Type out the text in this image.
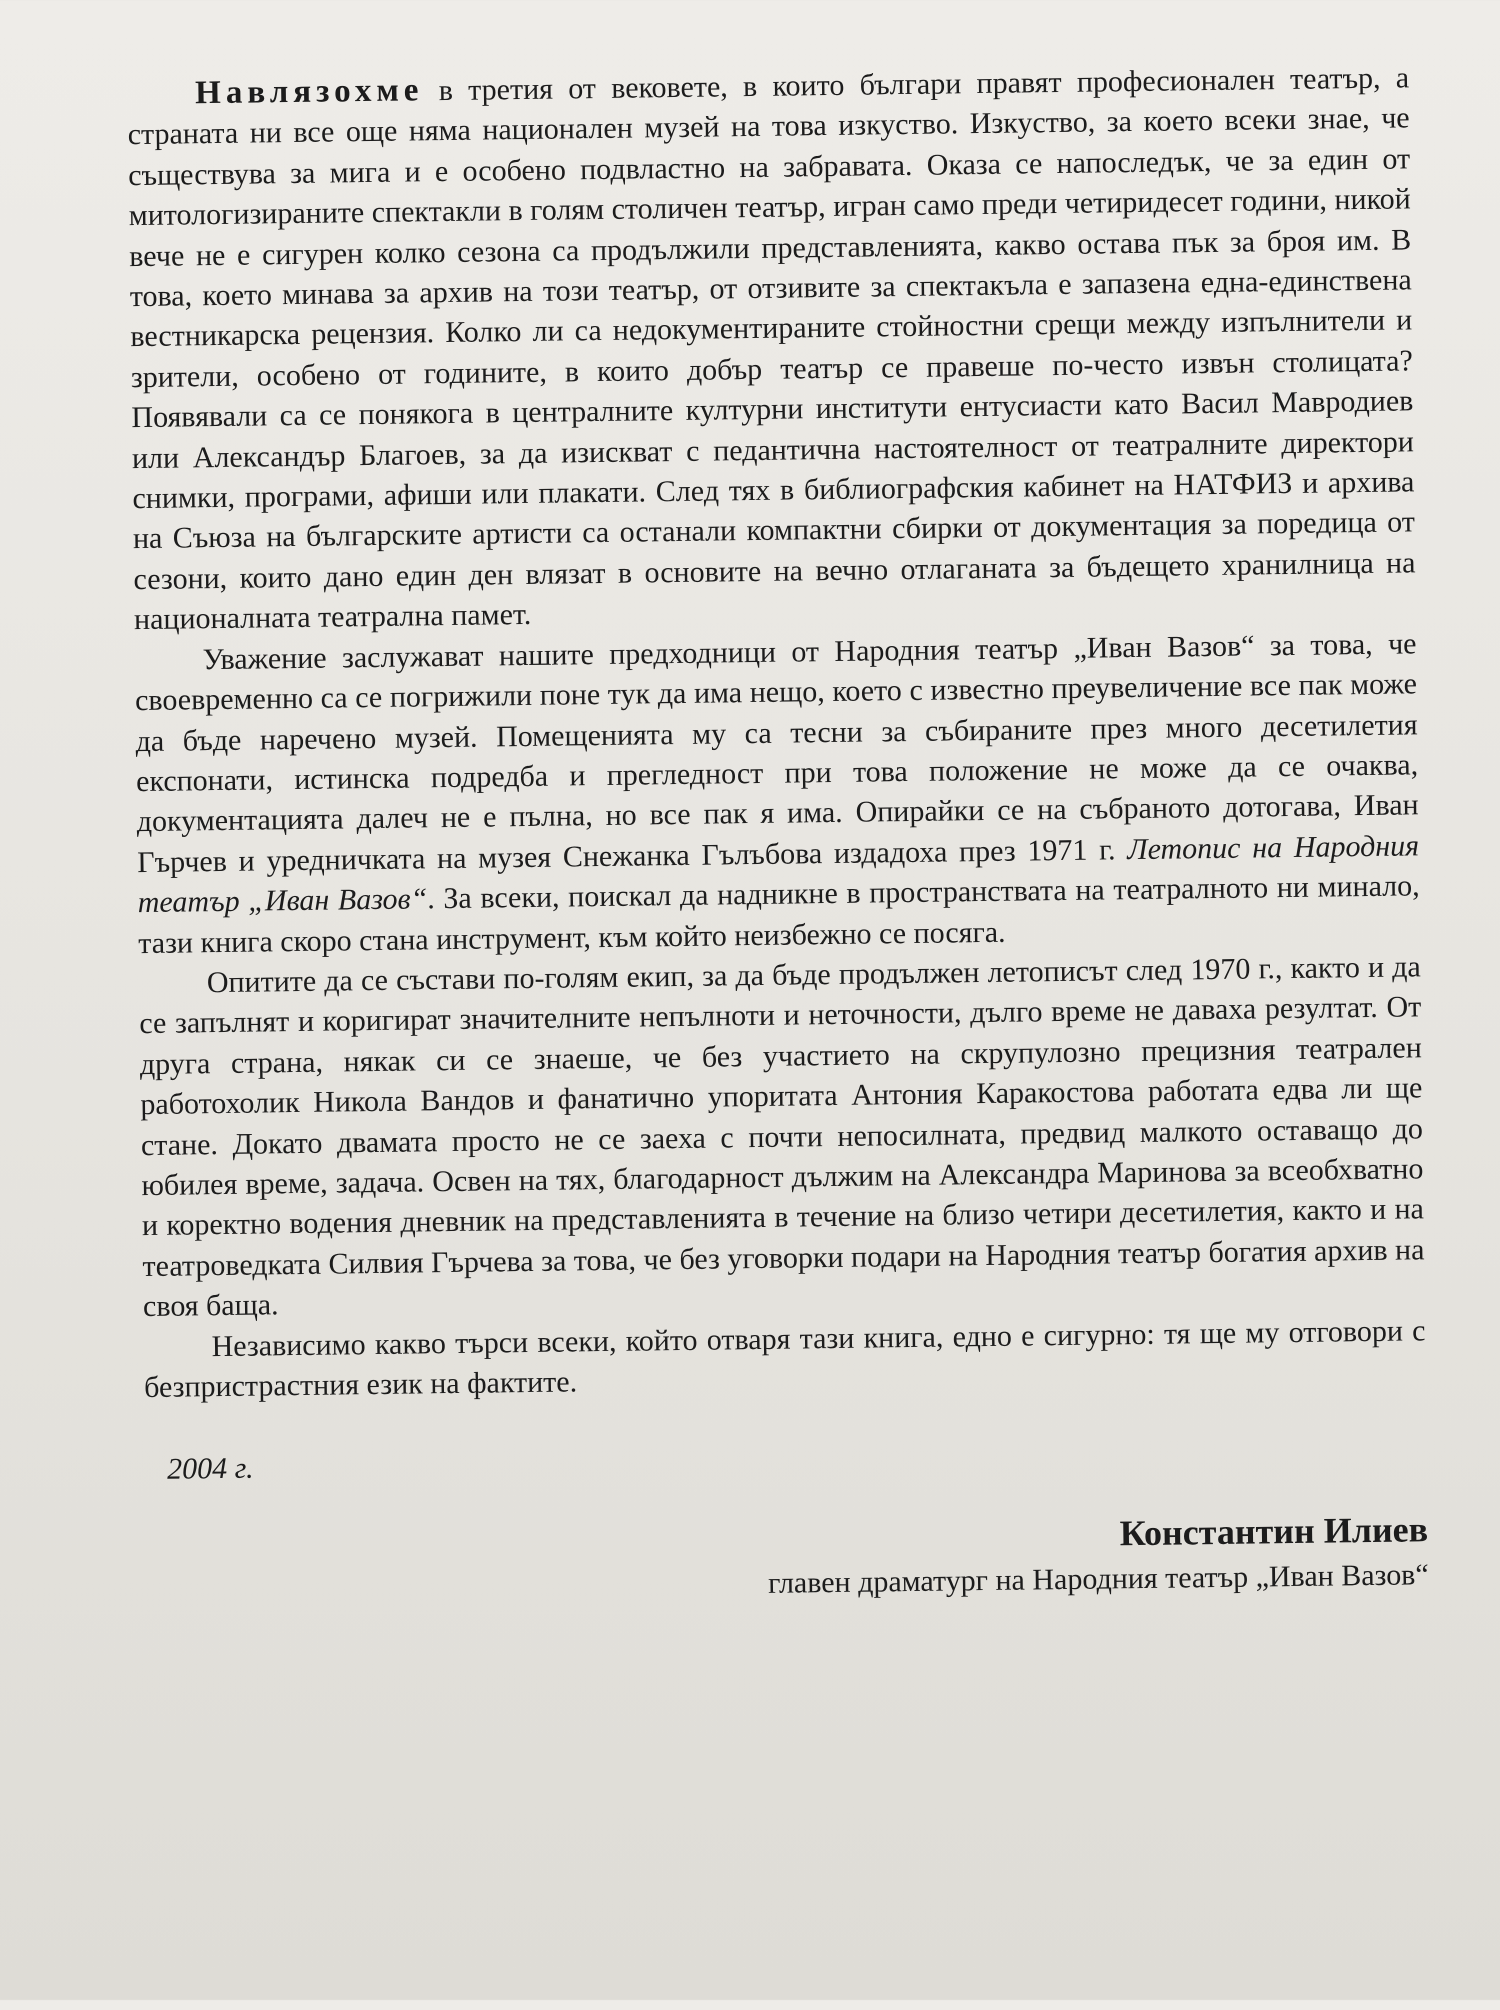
Навлязохме в третия от вековете, в които българи правят професионален театър, а страната ни все още няма национален музей на това изкуство. Изкуство, за което всеки знае, че съществува за мига и е особено подвластно на забравата. Оказа се напоследък, че за един от митологизираните спектакли в голям столичен театър, игран само преди четиридесет години, никой вече не е сигурен колко сезона са продължили представленията, какво остава пък за броя им. В това, което минава за архив на този театър, от отзивите за спектакъла е запазена една-единствена вестникарска рецензия. Колко ли са недокументираните стойностни срещи между изпълнители и зрители, особено от годините, в които добър театър се правеше по-често извън столицата? Появявали са се понякога в централните културни институти ентусиасти като Васил Мавродиев или Александър Благоев, за да изискват с педантична настоятелност от театралните директори снимки, програми, афиши или плакати. След тях в библиографския кабинет на НАТФИЗ и архива на Съюза на българските артисти са останали компактни сбирки от документация за поредица от сезони, които дано един ден влязат в основите на вечно отлаганата за бъдещето хранилница на националната театрална памет.

Уважение заслужават нашите предходници от Народния театър „Иван Вазов“ за това, че своевременно са се погрижили поне тук да има нещо, което с известно преувеличение все пак може да бъде наречено музей. Помещенията му са тесни за събираните през много десетилетия експонати, истинска подредба и прегледност при това положение не може да се очаква, документацията далеч не е пълна, но все пак я има. Опирайки се на събраното дотогава, Иван Гърчев и уредничката на музея Снежанка Гълъбова издадоха през 1971 г. Летопис на Народния театър „Иван Вазов“. За всеки, поискал да надникне в пространствата на театралното ни минало, тази книга скоро стана инструмент, към който неизбежно се посяга.

Опитите да се състави по-голям екип, за да бъде продължен летописът след 1970 г., както и да се запълнят и коригират значителните непълноти и неточности, дълго време не даваха резултат. От друга страна, някак си се знаеше, че без участието на скрупулозно прецизния театрален работохолик Никола Вандов и фанатично упоритата Антония Каракостова работата едва ли ще стане. Докато двамата просто не се заеха с почти непосилната, предвид малкото оставащо до юбилея време, задача. Освен на тях, благодарност дължим на Александра Маринова за всеобхватно и коректно водения дневник на представленията в течение на близо четири десетилетия, както и на театроведката Силвия Гърчева за това, че без уговорки подари на Народния театър богатия архив на своя баща.

Независимо какво търси всеки, който отваря тази книга, едно е сигурно: тя ще му отговори с безпристрастния език на фактите.

2004 г.
Константин Илиев
главен драматург на Народния театър „Иван Вазов“
